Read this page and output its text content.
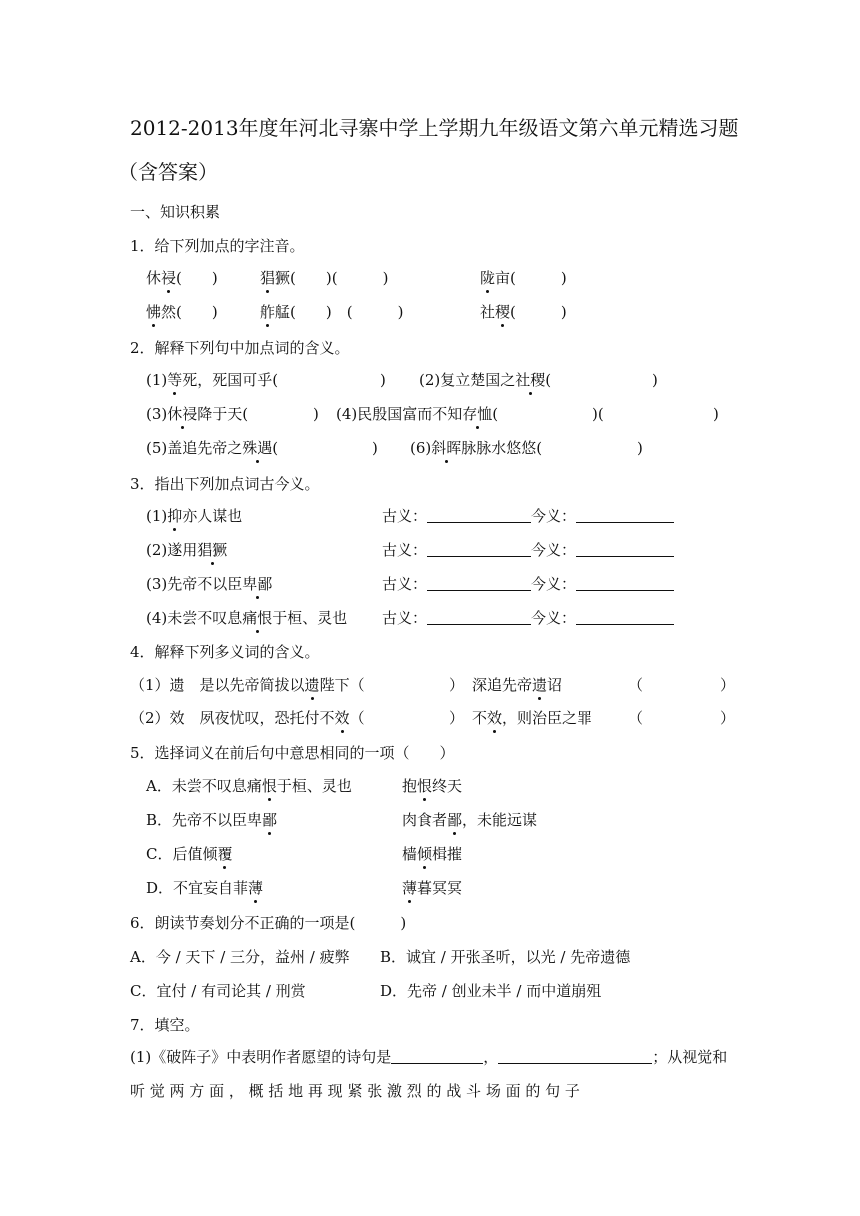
2012-2013年度年河北寻寨中学上学期九年级语文第六单元精选习题
（含答案）
一、知识积累
1．给下列加点的字注音。
休祲(　　)	猖獗(　　)(　　　)	陇亩(　　　)
怫然(　　)	舴艋(　　)　(　　　)	社稷(　　　)
2．解释下列句中加点词的含义。
(1)等死，死国可乎(	) (2)复立楚国之社稷(	)
(3)休祲降于天(	) (4)民殷国富而不知存恤(	)(	)
(5)盖追先帝之殊遇(	) (6)斜晖脉脉水悠悠(	)
3．指出下列加点词古今义。
(1)抑亦人谋也	古义：	今义：
(2)遂用猖獗	古义：	今义：
(3)先帝不以臣卑鄙	古义：	今义：
(4)未尝不叹息痛恨于桓、灵也 古义：	今义：
4．解释下列多义词的含义。
（1）遗　是以先帝简拔以遗陛下（	） 深追先帝遗诏	（	）
（2）效　夙夜忧叹，恐托付不效（	） 不效，则治臣之罪 （	）
5．选择词义在前后句中意思相同的一项（　　）
A．未尝不叹息痛恨于桓、灵也	抱恨终天
B．先帝不以臣卑鄙	肉食者鄙，未能远谋
C．后值倾覆	樯倾楫摧
D．不宜妄自菲薄	薄暮冥冥
6．朗读节奏划分不正确的一项是(　　　)
A．今 / 天下 / 三分，益州 / 疲弊 B．诚宜 / 开张圣听，以光 / 先帝遗德
C．宜付 / 有司论其 / 刑赏	D．先帝 / 创业未半 / 而中道崩殂
7．填空。
(1)《破阵子》中表明作者愿望的诗句是	，	；从视觉和
听 觉 两 方 面 ， 概 括 地 再 现 紧 张 激 烈 的 战 斗 场 面 的 句 子
